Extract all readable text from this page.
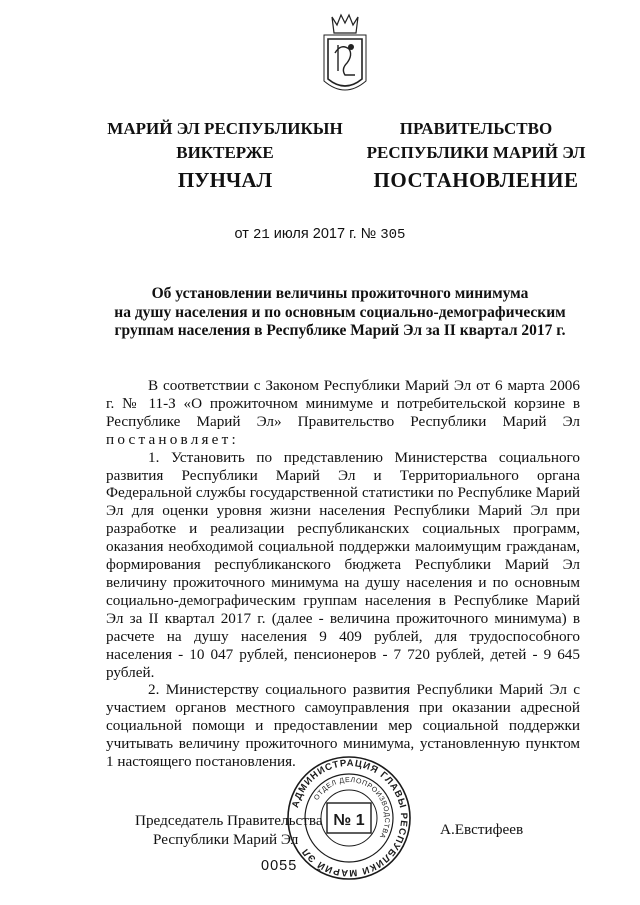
МАРИЙ ЭЛ РЕСПУБЛИКЫН
ВИКТЕРЖЕ
ПРАВИТЕЛЬСТВО
РЕСПУБЛИКИ МАРИЙ ЭЛ
ПУНЧАЛ	ПОСТАНОВЛЕНИЕ
от 21 июля 2017 г. № 305
Об установлении величины прожиточного минимума
на душу населения и по основным социально-демографическим
группам населения в Республике Марий Эл за II квартал 2017 г.

В соответствии с Законом Республики Марий Эл от 6 марта 2006 г. № 11-З «О прожиточном минимуме и потребительской корзине в Республике Марий Эл» Правительство Республики Марий Эл

постановляет:

1. Установить по представлению Министерства социального развития Республики Марий Эл и Территориального органа Федеральной службы государственной статистики по Республике Марий Эл для оценки уровня жизни населения Республики Марий Эл при разработке и реализации республиканских социальных программ, оказания необходимой социальной поддержки малоимущим гражданам, формирования республиканского бюджета Республики Марий Эл величину прожиточного минимума на душу населения и по основным социально-демографическим группам населения в Республике Марий Эл за II квартал 2017 г. (далее - величина прожиточного минимума) в расчете на душу населения 9 409 рублей, для трудоспособного населения - 10 047 рублей, пенсионеров - 7 720 рублей, детей - 9 645 рублей.

2. Министерству социального развития Республики Марий Эл с участием органов местного самоуправления при оказании адресной социальной помощи и предоставлении мер социальной поддержки учитывать величину прожиточного минимума, установленную пунктом 1 настоящего постановления.

Председатель Правительства
Республики Марий Эл
А.Евстифеев
0055
АДМИНИСТРАЦИЯ ГЛАВЫ РЕСПУБЛИКИ МАРИЙ ЭЛ
ОТДЕЛ ДЕЛОПРОИЗВОДСТВА
№ 1
